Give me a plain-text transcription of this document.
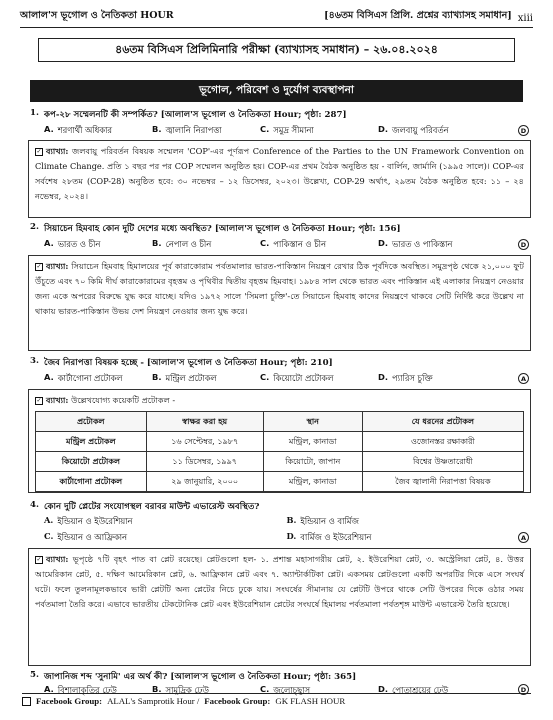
আলাল'স ভূগোল ও নৈতিকতা HOUR	[৪৬তম বিসিএস প্রিলি. প্রশ্নের ব্যাখ্যাসহ সমাধান] xiii
৪৬তম বিসিএস প্রিলিমিনারি পরীক্ষা (ব্যাখ্যাসহ সমাধান) – ২৬.০৪.২০২৪
ভূগোল, পরিবেশ ও দুর্যোগ ব্যবস্থাপনা
1. কপ-২৮ সম্মেলনটি কী সম্পর্কিত? [আলাল'স ভূগোল ও নৈতিকতা Hour; পৃষ্ঠা: 287]
A. শরণার্থী অধিকার	B. জ্বালানি নিরাপত্তা	C. সমুদ্র সীমানা	D. জলবায়ু পরিবর্তন	D
✓ ব্যাখ্যা: জলবায়ু পরিবর্তন বিষয়ক সম্মেলন 'COP'-এর পূর্ণরূপ Conference of the Parties to the UN Framework Convention on Climate Change. প্রতি ১ বছর পর পর COP সম্মেলন অনুষ্ঠিত হয়। COP-এর প্রথম বৈঠক অনুষ্ঠিত হয় - বার্লিন, জার্মানি (১৯৯৫ সালে)। COP-এর সর্বশেষ ২৮তম (COP-28) অনুষ্ঠিত হবে: ৩০ নভেম্বর – ১২ ডিসেম্বর, ২০২৩। উল্লেখ্য, COP-29 অর্থাৎ, ২৯তম বৈঠক অনুষ্ঠিত হবে: ১১ – ২৪ নভেম্বর, ২০২৪।
2. সিয়াচেন হিমবাহ কোন দুটি দেশের মধ্যে অবস্থিত? [আলাল'স ভূগোল ও নৈতিকতা Hour; পৃষ্ঠা: 156]
A. ভারত ও চীন	B. নেপাল ও চীন	C. পাকিস্তান ও চীন	D. ভারত ও পাকিস্তান	D
✓ ব্যাখ্যা: সিয়াচেন হিমবাহ হিমালয়ের পূর্ব কারাকোরাম পর্বতমালার ভারত-পাকিস্তান নিয়ন্ত্রণ রেখার ঠিক পূর্বদিকে অবস্থিত। সমুদ্রপৃষ্ঠ থেকে ২১,০০০ ফুট উঁচুতে এবং ৭০ কিমি দীর্ঘ কারাকোরামের বৃহত্তম ও পৃথিবীর দ্বিতীয় বৃহত্তম হিমবাহ। ১৯৮৪ সাল থেকে ভারত এবং পাকিস্তান এই এলাকার নিয়ন্ত্রণ নেওয়ার জন্য একে অপরের বিরুদ্ধে যুদ্ধ করে যাচ্ছে। যদিও ১৯৭২ সালে 'সিমলা চুক্তি'-তে সিয়াচেন হিমবাহ কাদের নিয়ন্ত্রণে থাকবে সেটি নির্দিষ্ট করে উল্লেখ না থাকায় ভারত-পাকিস্তান উভয় দেশ নিয়ন্ত্রণ নেওয়ার জন্য যুদ্ধ করে।
3. জৈব নিরাপত্তা বিষয়ক হচ্ছে - [আলাল'স ভূগোল ও নৈতিকতা Hour; পৃষ্ঠা: 210]
A. কার্টাগোনা প্রটোকল	B. মন্ট্রিল প্রটোকল	C. কিয়োটো প্রটোকল	D. প্যারিস চুক্তি	A
✓ ব্যাখ্যা: উল্লেখযোগ্য কয়েকটি প্রটোকল -
প্রটোকল	স্বাক্ষর করা হয়	স্থান	যে ধরনের প্রটোকল
মন্ট্রিল প্রটোকল	১৬ সেপ্টেম্বর, ১৯৮৭	মন্ট্রিল, কানাডা	ওজোনস্তর রক্ষাকারী
কিয়োটো প্রটোকল	১১ ডিসেম্বর, ১৯৯৭	কিয়োটো, জাপান	বিশ্বের উষ্ণতারোধী
কার্টাগোনা প্রটোকল	২৯ জানুয়ারি, ২০০০	মন্ট্রিল, কানাডা	জৈব জ্বালানী নিরাপত্তা বিষয়ক
4. কোন দুটি প্লেটের সংযোগস্থল বরাবর মাউন্ট এভারেস্ট অবস্থিত?
A. ইন্ডিয়ান ও ইউরেশিয়ান	B. ইন্ডিয়ান ও বার্মিজ
C. ইন্ডিয়ান ও আফ্রিকান	D. বার্মিজ ও ইউরেশিয়ান	A
✓ ব্যাখ্যা: ভূপৃষ্ঠে ৭টি বৃহৎ পাত বা প্লেট রয়েছে। প্লেটগুলো হল- ১. প্রশান্ত মহাসাগরীয় প্লেট, ২. ইউরেশিয়া প্লেট, ৩. অস্ট্রেলিয়া প্লেট, ৪. উত্তর আমেরিকান প্লেট, ৫. দক্ষিণ আমেরিকান প্লেট, ৬. আফ্রিকান প্লেট এবং ৭. অ্যান্টার্কটিকা প্লেট। একসময় প্লেটগুলো একটি অপরটির দিকে এসে সংঘর্ষ ঘটে। ফলে তুলনামূলকভাবে ভারী প্লেটটি অন্য প্লেটের নিচে ঢুকে যায়। সংঘর্ষের সীমানায় যে প্লেটটি উপরে থাকে সেটি উপরের দিকে ওঠার সময় পর্বতমালা তৈরি করে। এভাবে ভারতীয় টেকটোনিক প্লেট এবং ইউরেশিয়ান প্লেটের সংঘর্ষে হিমালয় পর্বতমালা পর্বতশৃঙ্গ মাউন্ট এভারেস্ট তৈরি হয়েছে।
5. জাপানিজ শব্দ 'সুনামি' এর অর্থ কী? [আলাল'স ভূগোল ও নৈতিকতা Hour; পৃষ্ঠা: 365]
A. বিশালাকৃতির ঢেউ	B. সামুদ্রিক ঢেউ	C. জলোচ্ছ্বাস	D. পোতাশ্রয়ের ঢেউ	D
Facebook Group: ALAL's Samprotik Hour / Facebook Group: GK FLASH HOUR
